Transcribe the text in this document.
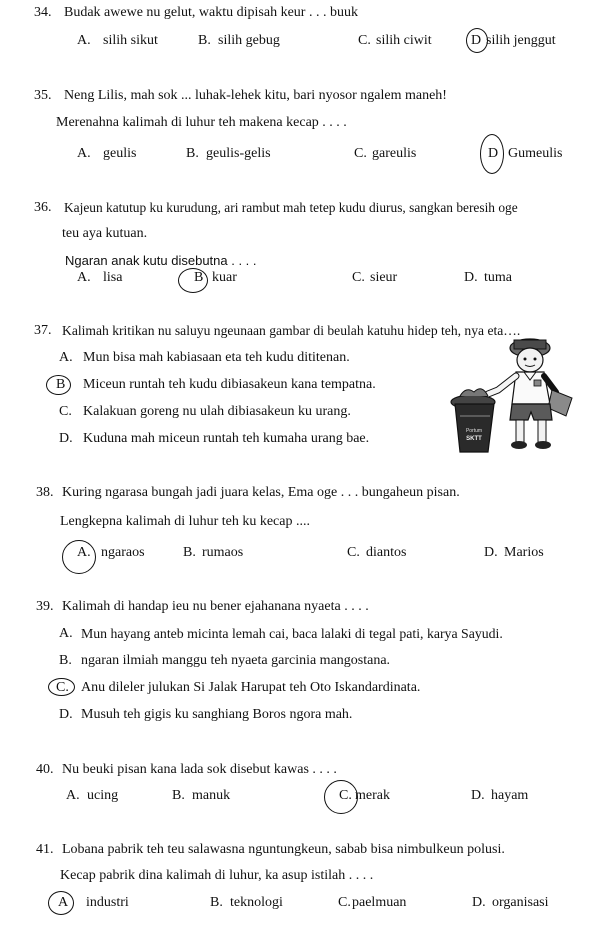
34. Budak awewe nu gelut, waktu dipisah keur . . . buuk
A. silih sikut	B. silih gebug	C. silih ciwit	D silih jenggut
35. Neng Lilis, mah sok ... luhak-lehek kitu, bari nyosor ngalem maneh!
Merenahna kalimah di luhur teh makena kecap . . . .
A. geulis	B. geulis-gelis	C. gareulis	D Gumeulis
36. Kajeun katutup ku kurudung, ari rambut mah tetep kudu diurus, sangkan beresih oge
teu aya kutuan.
Ngaran anak kutu disebutna . . . .
A. lisa	B kuar	C. sieur	D. tuma
37. Kalimah kritikan nu saluyu ngeunaan gambar di beulah katuhu hidep teh, nya eta….
A. Mun bisa mah kabiasaan eta teh kudu dititenan.
B Miceun runtah teh kudu dibiasakeun kana tempatna.
C. Kalakuan goreng nu ulah dibiasakeun ku urang.
D. Kuduna mah miceun runtah teh kumaha urang bae.	Portum
SKTT
38. Kuring ngarasa bungah jadi juara kelas, Ema oge . . . bungaheun pisan.
Lengkepna kalimah di luhur teh ku kecap ....
A. ngaraos	B. rumaos	C. diantos	D. Marios
39. Kalimah di handap ieu nu bener ejahanana nyaeta . . . .
A. Mun hayang anteb micinta lemah cai, baca lalaki di tegal pati, karya Sayudi.
B. ngaran ilmiah manggu teh nyaeta garcinia mangostana.
C. Anu dileler julukan Si Jalak Harupat teh Oto Iskandardinata.
D. Musuh teh gigis ku sanghiang Boros ngora mah.
40. Nu beuki pisan kana lada sok disebut kawas . . . .
A. ucing	B. manuk	C. merak	D. hayam
41. Lobana pabrik teh teu salawasna nguntungkeun, sabab bisa nimbulkeun polusi.
Kecap pabrik dina kalimah di luhur, ka asup istilah . . . .
A industri	B. teknologi	C. paelmuan	D. organisasi
